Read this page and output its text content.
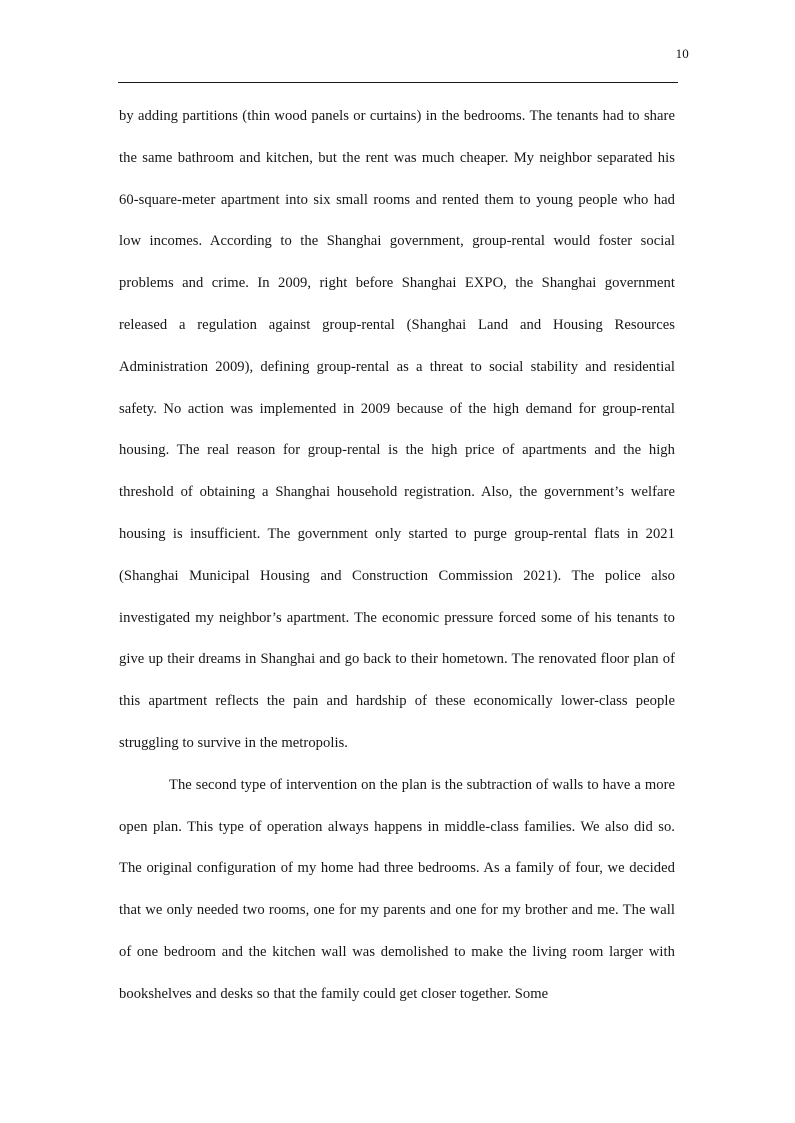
10

by adding partitions (thin wood panels or curtains) in the bedrooms. The tenants had to share the same bathroom and kitchen, but the rent was much cheaper. My neighbor separated his 60-square-meter apartment into six small rooms and rented them to young people who had low incomes. According to the Shanghai government, group-rental would foster social problems and crime. In 2009, right before Shanghai EXPO, the Shanghai government released a regulation against group-rental (Shanghai Land and Housing Resources Administration 2009), defining group-rental as a threat to social stability and residential safety. No action was implemented in 2009 because of the high demand for group-rental housing. The real reason for group-rental is the high price of apartments and the high threshold of obtaining a Shanghai household registration. Also, the government’s welfare housing is insufficient. The government only started to purge group-rental flats in 2021 (Shanghai Municipal Housing and Construction Commission 2021). The police also investigated my neighbor’s apartment. The economic pressure forced some of his tenants to give up their dreams in Shanghai and go back to their hometown. The renovated floor plan of this apartment reflects the pain and hardship of these economically lower-class people struggling to survive in the metropolis.

The second type of intervention on the plan is the subtraction of walls to have a more open plan. This type of operation always happens in middle-class families. We also did so. The original configuration of my home had three bedrooms. As a family of four, we decided that we only needed two rooms, one for my parents and one for my brother and me. The wall of one bedroom and the kitchen wall was demolished to make the living room larger with bookshelves and desks so that the family could get closer together. Some
